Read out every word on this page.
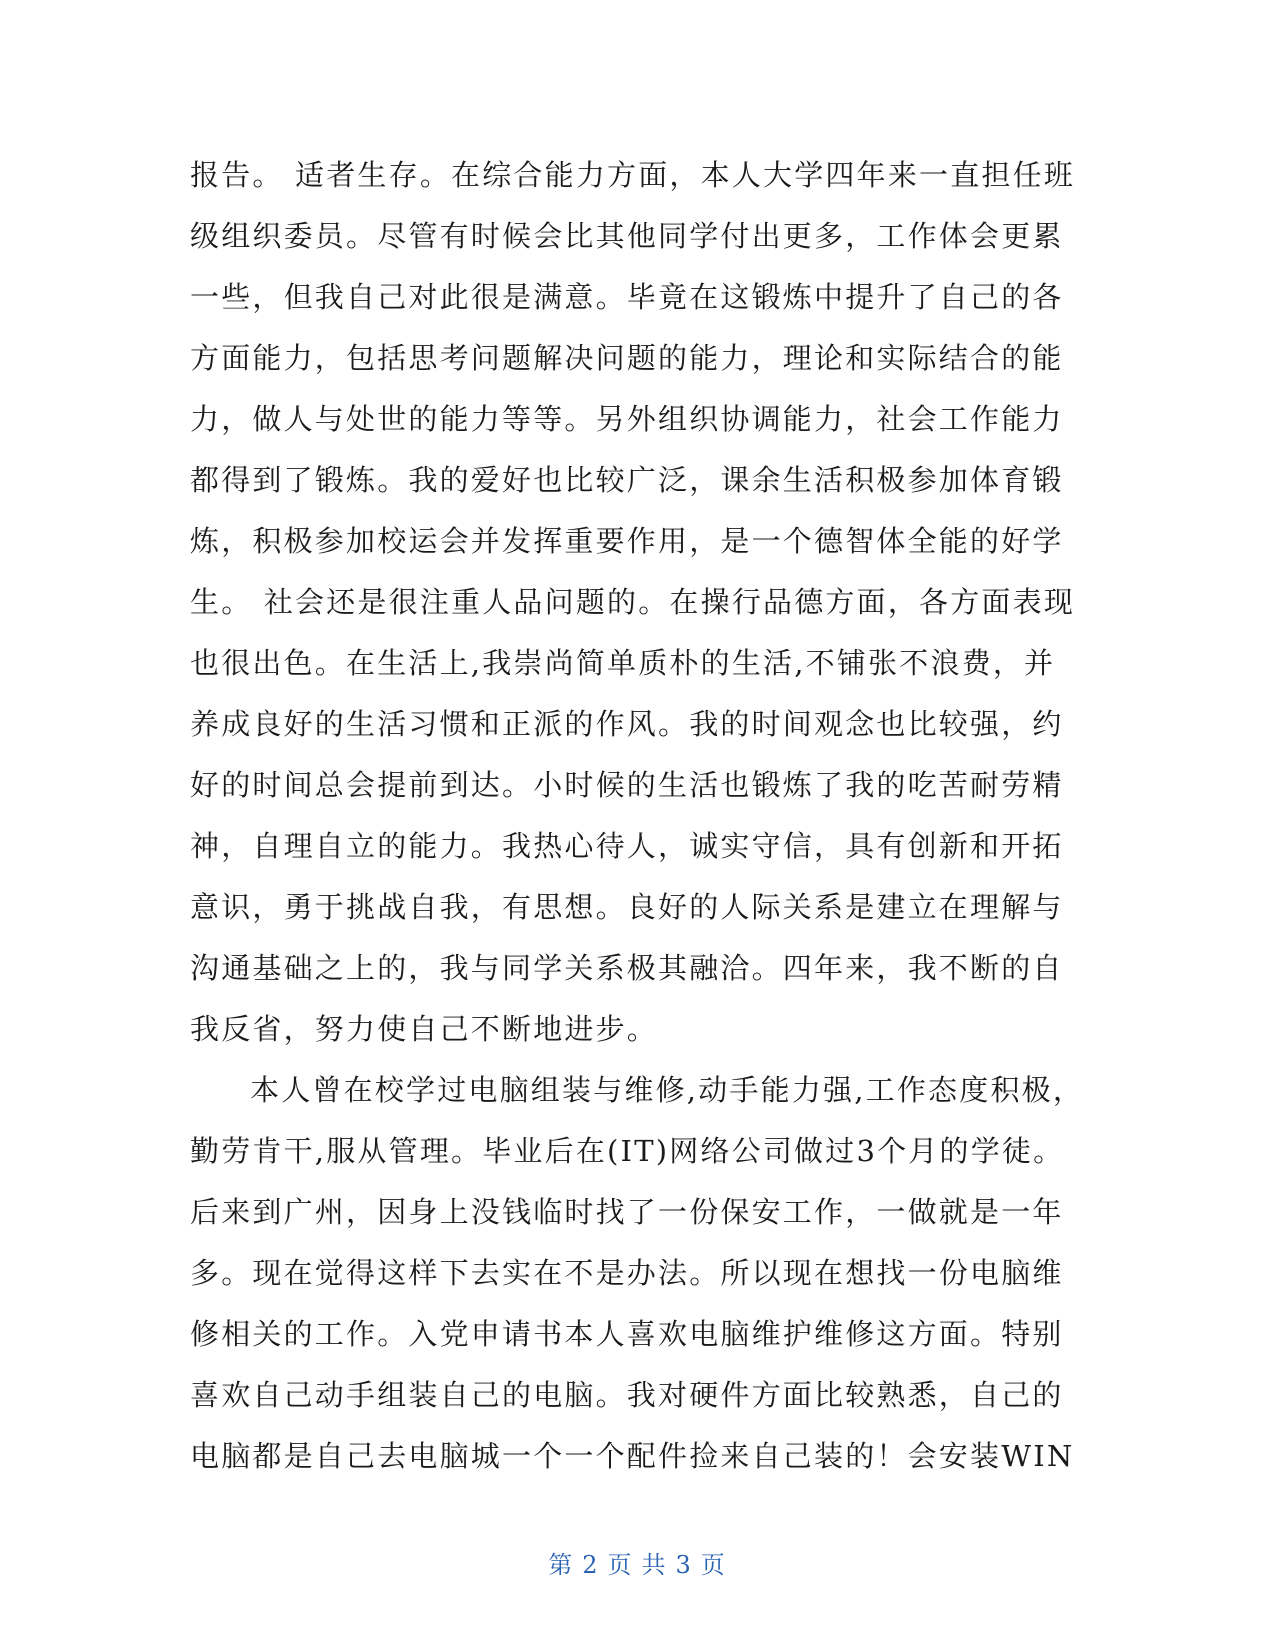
报告。 适者生存。在综合能力方面，本人大学四年来一直担任班
级组织委员。尽管有时候会比其他同学付出更多，工作体会更累
一些，但我自己对此很是满意。毕竟在这锻炼中提升了自己的各
方面能力，包括思考问题解决问题的能力，理论和实际结合的能
力，做人与处世的能力等等。另外组织协调能力，社会工作能力
都得到了锻炼。我的爱好也比较广泛，课余生活积极参加体育锻
炼，积极参加校运会并发挥重要作用，是一个德智体全能的好学
生。 社会还是很注重人品问题的。在操行品德方面，各方面表现
也很出色。在生活上,我崇尚简单质朴的生活,不铺张不浪费，并
养成良好的生活习惯和正派的作风。我的时间观念也比较强，约
好的时间总会提前到达。小时候的生活也锻炼了我的吃苦耐劳精
神，自理自立的能力。我热心待人，诚实守信，具有创新和开拓
意识，勇于挑战自我，有思想。良好的人际关系是建立在理解与
沟通基础之上的，我与同学关系极其融洽。四年来，我不断的自
我反省，努力使自己不断地进步。
本人曾在校学过电脑组装与维修,动手能力强,工作态度积极，
勤劳肯干,服从管理。毕业后在(IT)网络公司做过3个月的学徒。
后来到广州，因身上没钱临时找了一份保安工作，一做就是一年
多。现在觉得这样下去实在不是办法。所以现在想找一份电脑维
修相关的工作。入党申请书本人喜欢电脑维护维修这方面。特别
喜欢自己动手组装自己的电脑。我对硬件方面比较熟悉，自己的
电脑都是自己去电脑城一个一个配件捡来自己装的！会安装WIN
第 2 页 共 3 页
